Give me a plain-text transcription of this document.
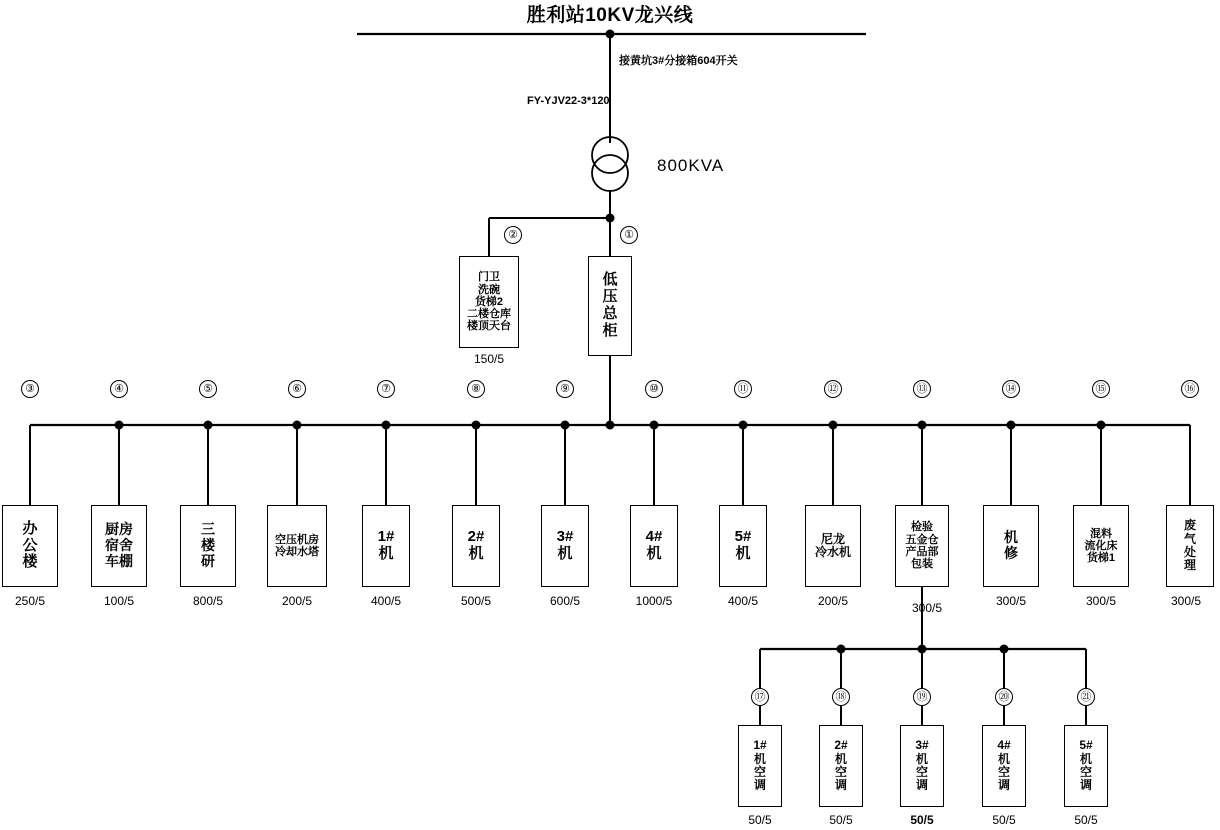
胜利站10KV龙兴线
接黄坑3#分接箱604开关
FY-YJV22-3*120
800KVA
②	①
门卫
洗碗
货梯2
二楼仓库
楼顶天台
150/5
低
压
总
柜
③	④	⑤	⑥	⑦	⑧	⑨	⑩	⑪	⑫	⑬	⑭	⑮	⑯
办
公
楼
250/5
厨房
宿舍
车棚
100/5
三
楼
研
800/5
空压机房
冷却水塔
200/5
1#
机
400/5
2#
机
500/5
3#
机
600/5
4#
机
1000/5
5#
机
400/5
尼龙
冷水机
200/5
检验
五金仓
产品部
包装
300/5
机
修
300/5
混料
流化床
货梯1
300/5
废
气
处
理
300/5
⑰	⑱	⑲	⑳	㉑
1#
机
空
调
50/5
2#
机
空
调
50/5
3#
机
空
调
50/5
4#
机
空
调
50/5
5#
机
空
调
50/5
